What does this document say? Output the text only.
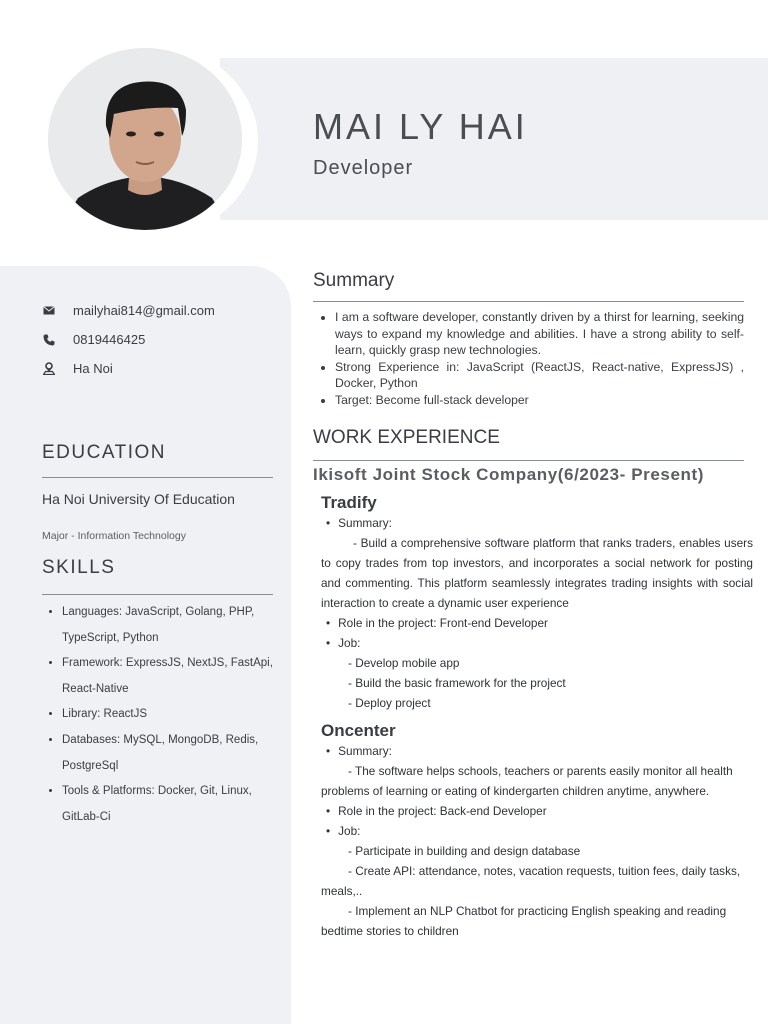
MAI LY HAI
Developer
mailyhai814@gmail.com
0819446425
Ha Noi
EDUCATION
Ha Noi University Of Education
Major - Information Technology
SKILLS
• Languages: JavaScript, Golang, PHP, TypeScript, Python
• Framework: ExpressJS, NextJS, FastApi, React-Native
• Library: ReactJS
• Databases: MySQL, MongoDB, Redis, PostgreSql
• Tools & Platforms: Docker, Git, Linux, GitLab-Ci
Summary
• I am a software developer, constantly driven by a thirst for learning, seeking ways to expand my knowledge and abilities. I have a strong ability to self-learn, quickly grasp new technologies.
• Strong Experience in: JavaScript (ReactJS, React-native, ExpressJS) , Docker, Python
• Target: Become full-stack developer
WORK EXPERIENCE
Ikisoft Joint Stock Company(6/2023- Present)
Tradify
• Summary:
- Build a comprehensive software platform that ranks traders, enables users to copy trades from top investors, and incorporates a social network for posting and commenting. This platform seamlessly integrates trading insights with social interaction to create a dynamic user experience
• Role in the project: Front-end Developer
• Job:
- Develop mobile app
- Build the basic framework for the project
- Deploy project
Oncenter
• Summary:
- The software helps schools, teachers or parents easily monitor all health problems of learning or eating of kindergarten children anytime, anywhere.
• Role in the project: Back-end Developer
• Job:
- Participate in building and design database
- Create API: attendance, notes, vacation requests, tuition fees, daily tasks, meals,..
- Implement an NLP Chatbot for practicing English speaking and reading bedtime stories to children
